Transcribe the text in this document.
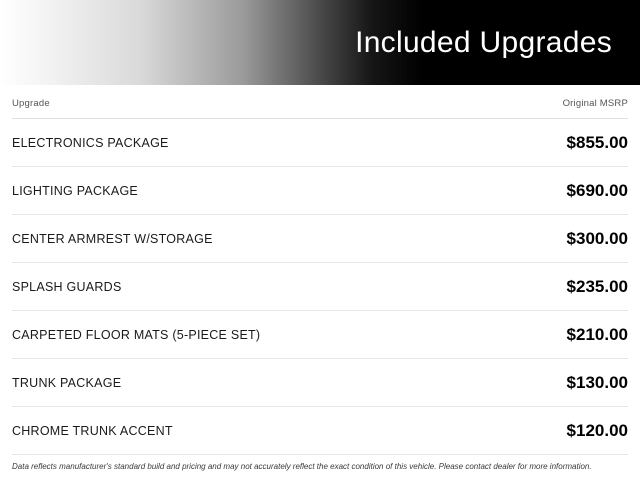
Included Upgrades
Upgrade	Original MSRP
ELECTRONICS PACKAGE	$855.00
LIGHTING PACKAGE	$690.00
CENTER ARMREST W/STORAGE	$300.00
SPLASH GUARDS	$235.00
CARPETED FLOOR MATS (5-PIECE SET)	$210.00
TRUNK PACKAGE	$130.00
CHROME TRUNK ACCENT	$120.00
Data reflects manufacturer's standard build and pricing and may not accurately reflect the exact condition of this vehicle. Please contact dealer for more information.
